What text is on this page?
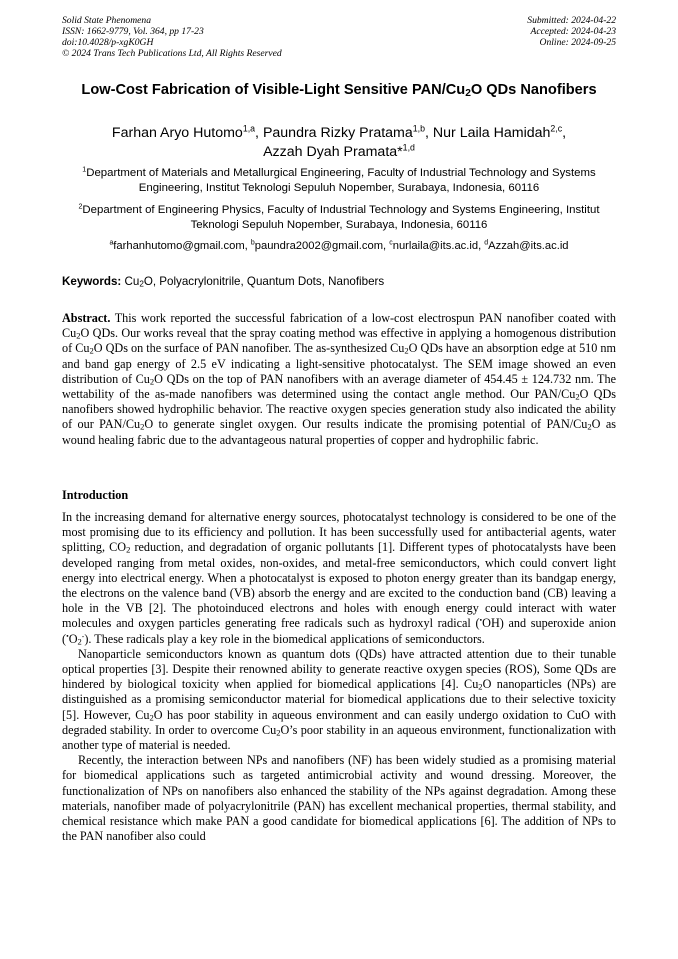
Solid State Phenomena
ISSN: 1662-9779, Vol. 364, pp 17-23
doi:10.4028/p-xgK0GH
© 2024 Trans Tech Publications Ltd, All Rights Reserved
Submitted: 2024-04-22
Accepted: 2024-04-23
Online: 2024-09-25
Low-Cost Fabrication of Visible-Light Sensitive PAN/$Cu_2O$ QDs Nanofibers
Farhan Aryo Hutomo$^{1,a}$, Paundra Rizky Pratama$^{1,b}$, Nur Laila Hamidah$^{2,c}$,
Azzah Dyah Pramata*$^{1,d}$
$^1$Department of Materials and Metallurgical Engineering, Faculty of Industrial Technology and Systems Engineering, Institut Teknologi Sepuluh Nopember, Surabaya, Indonesia, 60116
$^2$Department of Engineering Physics, Faculty of Industrial Technology and Systems Engineering, Institut Teknologi Sepuluh Nopember, Surabaya, Indonesia, 60116
$^a$farhanhutomo@gmail.com, $^b$paundra2002@gmail.com, $^c$nurlaila@its.ac.id, $^d$Azzah@its.ac.id
Keywords: $Cu_2O$, Polyacrylonitrile, Quantum Dots, Nanofibers

Abstract. This work reported the successful fabrication of a low-cost electrospun PAN nanofiber coated with $Cu_2O$ QDs. Our works reveal that the spray coating method was effective in applying a homogenous distribution of $Cu_2O$ QDs on the surface of PAN nanofiber. The as-synthesized $Cu_2O$ QDs have an absorption edge at 510 nm and band gap energy of 2.5 eV indicating a light-sensitive photocatalyst. The SEM image showed an even distribution of $Cu_2O$ QDs on the top of PAN nanofibers with an average diameter of 454.45 ± 124.732 nm. The wettability of the as-made nanofibers was determined using the contact angle method. Our PAN/$Cu_2O$ QDs nanofibers showed hydrophilic behavior. The reactive oxygen species generation study also indicated the ability of our PAN/$Cu_2O$ to generate singlet oxygen. Our results indicate the promising potential of PAN/$Cu_2O$ as wound healing fabric due to the advantageous natural properties of copper and hydrophilic fabric.

Introduction

In the increasing demand for alternative energy sources, photocatalyst technology is considered to be one of the most promising due to its efficiency and pollution. It has been successfully used for antibacterial agents, water splitting, $CO_2$ reduction, and degradation of organic pollutants [1]. Different types of photocatalysts have been developed ranging from metal oxides, non-oxides, and metal-free semiconductors, which could convert light energy into electrical energy. When a photocatalyst is exposed to photon energy greater than its bandgap energy, the electrons on the valence band (VB) absorb the energy and are excited to the conduction band (CB) leaving a hole in the VB [2]. The photoinduced electrons and holes with enough energy could interact with water molecules and oxygen particles generating free radicals such as hydroxyl radical (•OH) and superoxide anion $(^•O_2^-)$. These radicals play a key role in the biomedical applications of semiconductors.

Nanoparticle semiconductors known as quantum dots (QDs) have attracted attention due to their tunable optical properties [3]. Despite their renowned ability to generate reactive oxygen species (ROS), Some QDs are hindered by biological toxicity when applied for biomedical applications [4]. $Cu_2O$ nanoparticles (NPs) are distinguished as a promising semiconductor material for biomedical applications due to their selective toxicity [5]. However, $Cu_2O$ has poor stability in aqueous environment and can easily undergo oxidation to CuO with degraded stability. In order to overcome $Cu_2O’s$ poor stability in an aqueous environment, functionalization with another type of material is needed.

Recently, the interaction between NPs and nanofibers (NF) has been widely studied as a promising material for biomedical applications such as targeted antimicrobial activity and wound dressing. Moreover, the functionalization of NPs on nanofibers also enhanced the stability of the NPs against degradation. Among these materials, nanofiber made of polyacrylonitrile (PAN) has excellent mechanical properties, thermal stability, and chemical resistance which make PAN a good candidate for biomedical applications [6]. The addition of NPs to the PAN nanofiber also could
